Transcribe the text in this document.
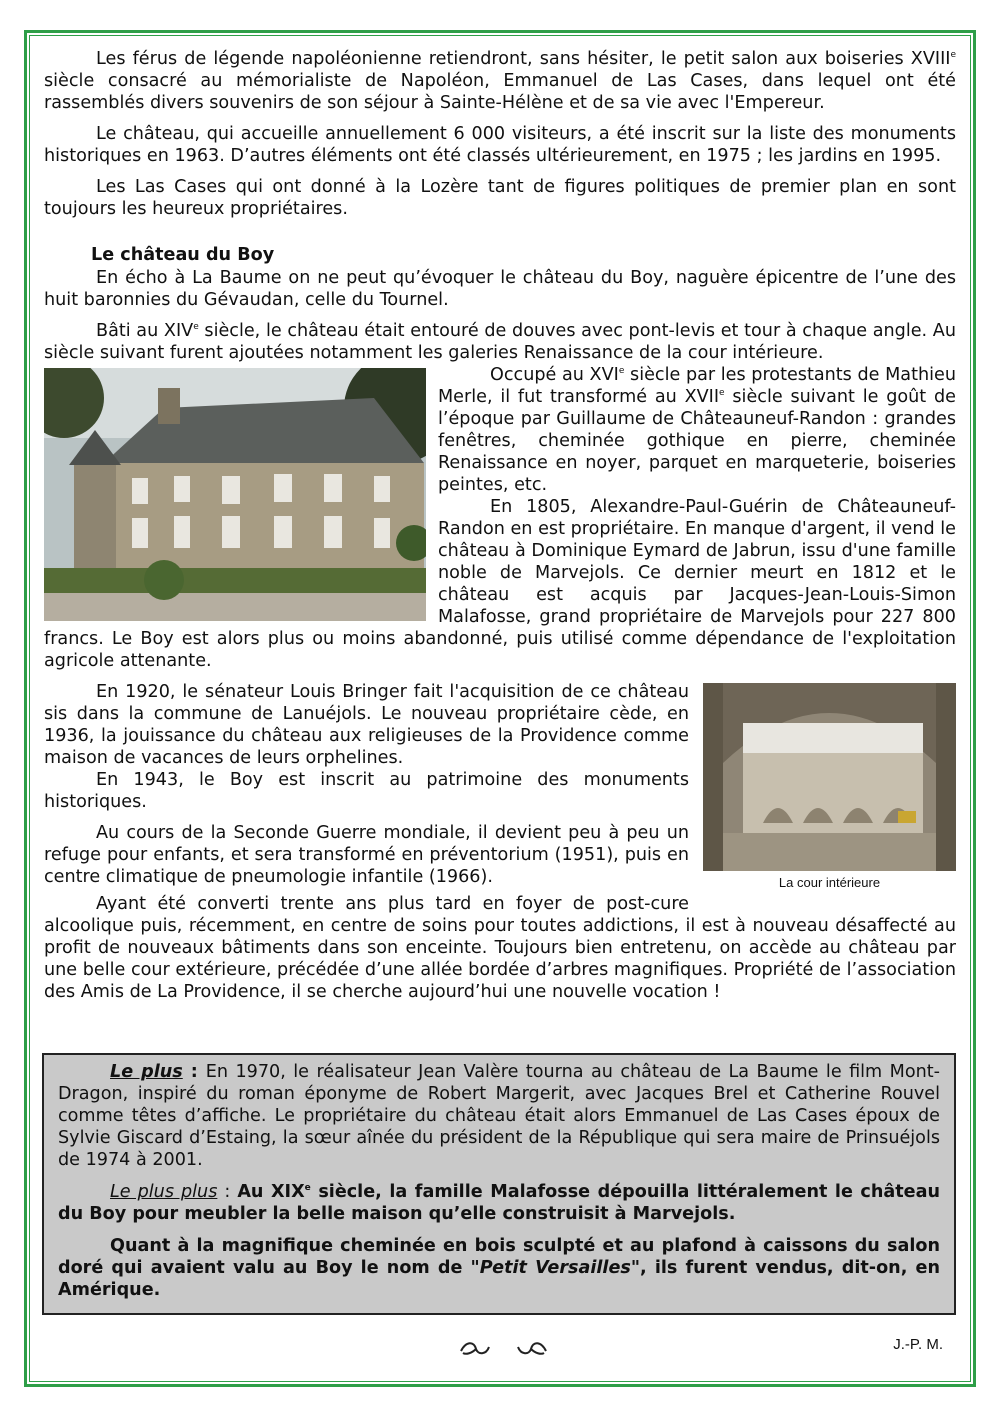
Les férus de légende napoléonienne retiendront, sans hésiter, le petit salon aux boiseries XVIIIe siècle consacré au mémorialiste de Napoléon, Emmanuel de Las Cases, dans lequel ont été rassemblés divers souvenirs de son séjour à Sainte-Hélène et de sa vie avec l'Empereur.

Le château, qui accueille annuellement 6 000 visiteurs, a été inscrit sur la liste des monuments historiques en 1963. D’autres éléments ont été classés ultérieurement, en 1975 ; les jardins en 1995.

Les Las Cases qui ont donné à la Lozère tant de figures politiques de premier plan en sont toujours les heureux propriétaires.

Le château du Boy

En écho à La Baume on ne peut qu’évoquer le château du Boy, naguère épicentre de l’une des huit baronnies du Gévaudan, celle du Tournel.

Bâti au XIVe siècle, le château était entouré de douves avec pont-levis et tour à chaque angle. Au siècle suivant furent ajoutées notamment les galeries Renaissance de la cour intérieure.

Occupé au XVIe siècle par les protestants de Mathieu Merle, il fut transformé au XVIIe siècle suivant le goût de l’époque par Guillaume de Châteauneuf-Randon : grandes fenêtres, cheminée gothique en pierre, cheminée Renaissance en noyer, parquet en marqueterie, boiseries peintes, etc.

En 1805, Alexandre-Paul-Guérin de Châteauneuf-Randon en est propriétaire. En manque d'argent, il vend le château à Dominique Eymard de Jabrun, issu d'une famille noble de Marvejols. Ce dernier meurt en 1812 et le château est acquis par Jacques-Jean-Louis-Simon Malafosse, grand propriétaire de Marvejols pour 227 800 francs. Le Boy est alors plus ou moins abandonné, puis utilisé comme dépendance de l'exploitation agricole attenante.

La cour intérieure

En 1920, le sénateur Louis Bringer fait l'acquisition de ce château sis dans la commune de Lanuéjols. Le nouveau propriétaire cède, en 1936, la jouissance du château aux religieuses de la Providence comme maison de vacances de leurs orphelines.

En 1943, le Boy est inscrit au patrimoine des monuments historiques.

Au cours de la Seconde Guerre mondiale, il devient peu à peu un refuge pour enfants, et sera transformé en préventorium (1951), puis en centre climatique de pneumologie infantile (1966).

Ayant été converti trente ans plus tard en foyer de post-cure alcoolique puis, récemment, en centre de soins pour toutes addictions, il est à nouveau désaffecté au profit de nouveaux bâtiments dans son enceinte. Toujours bien entretenu, on accède au château par une belle cour extérieure, précédée d’une allée bordée d’arbres magnifiques. Propriété de l’association des Amis de La Providence, il se cherche aujourd’hui une nouvelle vocation !

Le plus : En 1970, le réalisateur Jean Valère tourna au château de La Baume le film Mont-Dragon, inspiré du roman éponyme de Robert Margerit, avec Jacques Brel et Catherine Rouvel comme têtes d’affiche. Le propriétaire du château était alors Emmanuel de Las Cases époux de Sylvie Giscard d’Estaing, la sœur aînée du président de la République qui sera maire de Prinsuéjols de 1974 à 2001.

Le plus plus : Au XIXe siècle, la famille Malafosse dépouilla littéralement le château du Boy pour meubler la belle maison qu’elle construisit à Marvejols.

Quant à la magnifique cheminée en bois sculpté et au plafond à caissons du salon doré qui avaient valu au Boy le nom de "Petit Versailles", ils furent vendus, dit-on, en Amérique.

J.-P. M.
